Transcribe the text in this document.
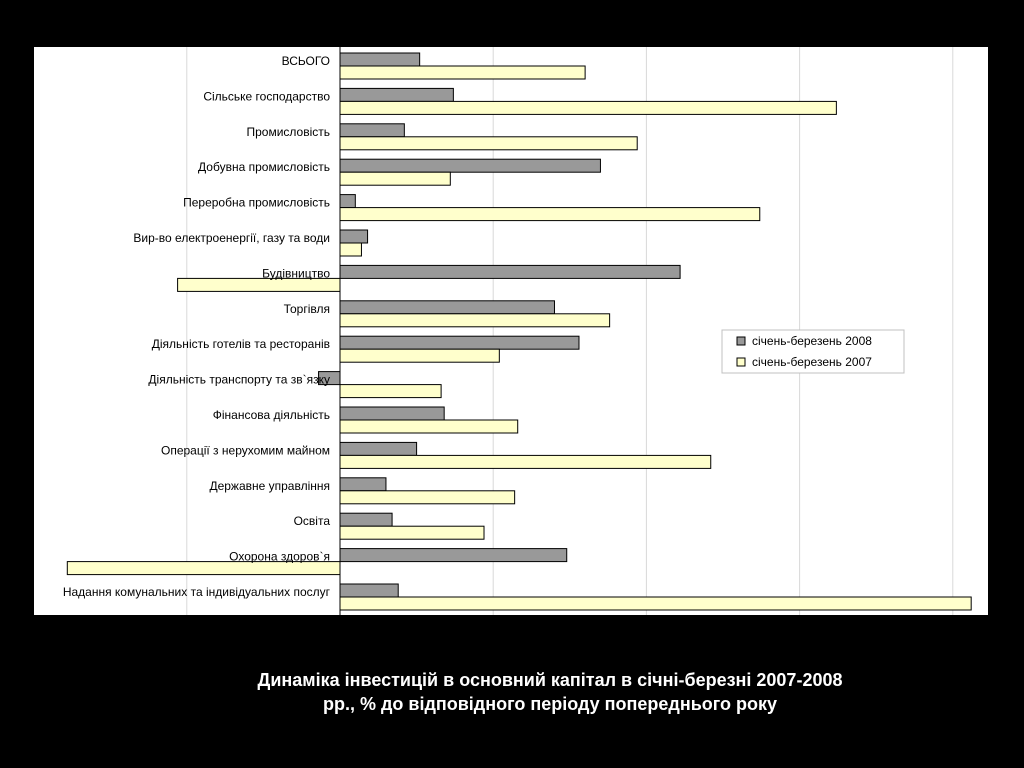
ВСЬОГО
Сільське господарство
Промисловість
Добувна промисловість
Переробна промисловість
Вир-во електроенергії, газу та води
Будівництво
Торгівля
Діяльність готелів та ресторанів
Діяльність транспорту та зв`язку
Фінансова діяльність
Операції з нерухомим майном
Державне управління
Освіта
Охорона здоров`я
Надання комунальних та індивідуальних послуг
січень-березень 2008
січень-березень 2007
Динаміка інвестицій в основний капітал в січні-березні 2007-2008
рр., % до відповідного періоду попереднього року
